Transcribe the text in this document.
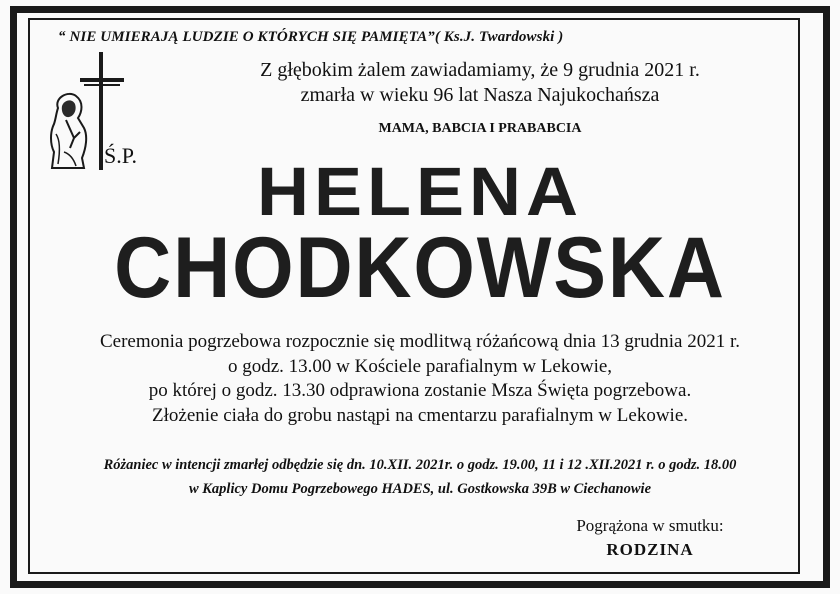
“ NIE UMIERAJĄ LUDZIE O KTÓRYCH SIĘ PAMIĘTA”( Ks.J. Twardowski )
Ś.P.
Z głębokim żalem zawiadamiamy, że 9 grudnia 2021 r.
zmarła w wieku 96 lat Nasza Najukochańsza
MAMA, BABCIA I PRABABCIA
HELENA
CHODKOWSKA
Ceremonia pogrzebowa rozpocznie się modlitwą różańcową dnia 13 grudnia 2021 r.
o godz. 13.00 w Kościele parafialnym w Lekowie,
po której o godz. 13.30 odprawiona zostanie Msza Święta pogrzebowa.
Złożenie ciała do grobu nastąpi na cmentarzu parafialnym w Lekowie.
Różaniec w intencji zmarłej odbędzie się dn. 10.XII. 2021r. o godz. 19.00, 11 i 12 .XII.2021 r. o godz. 18.00
w Kaplicy Domu Pogrzebowego HADES, ul. Gostkowska 39B w Ciechanowie
Pogrążona w smutku:
RODZINA
